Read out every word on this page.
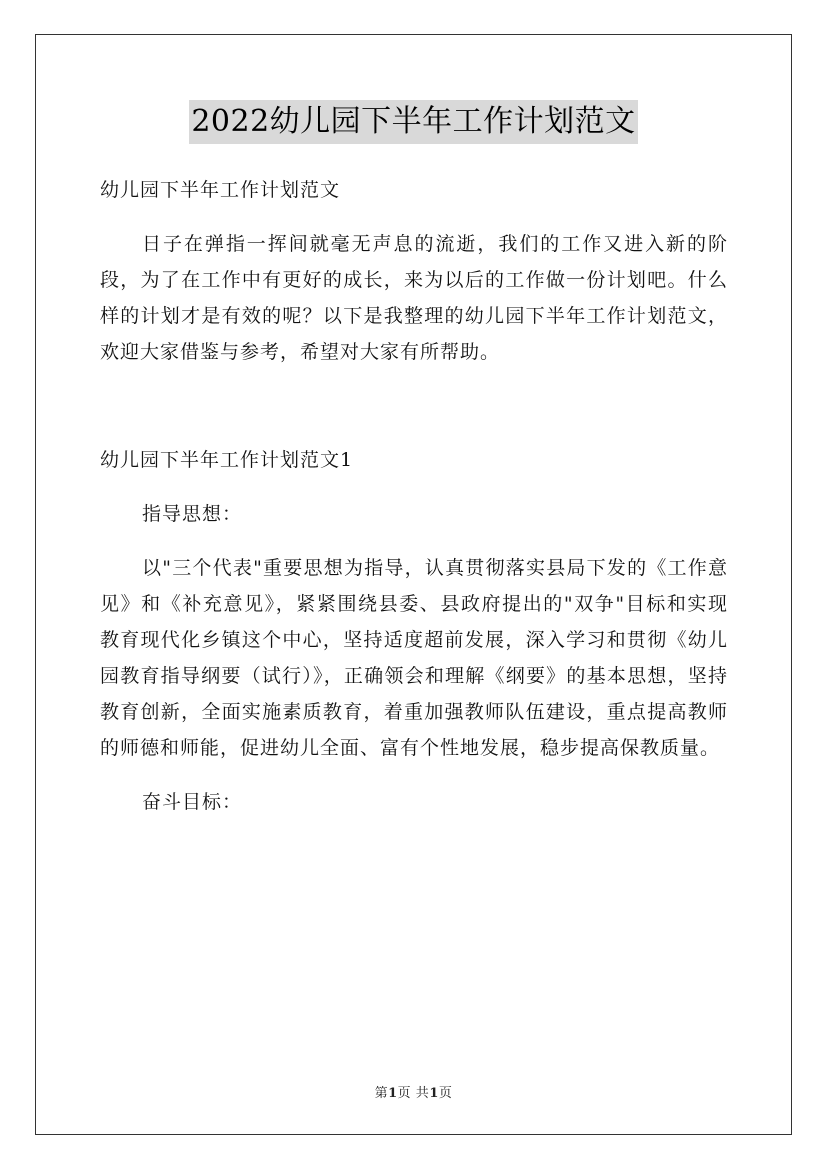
2022幼儿园下半年工作计划范文

幼儿园下半年工作计划范文

日子在弹指一挥间就毫无声息的流逝，我们的工作又进入新的阶段，为了在工作中有更好的成长，来为以后的工作做一份计划吧。什么样的计划才是有效的呢？以下是我整理的幼儿园下半年工作计划范文，欢迎大家借鉴与参考，希望对大家有所帮助。

幼儿园下半年工作计划范文1

指导思想：

以"三个代表"重要思想为指导，认真贯彻落实县局下发的《工作意见》和《补充意见》，紧紧围绕县委、县政府提出的"双争"目标和实现教育现代化乡镇这个中心，坚持适度超前发展，深入学习和贯彻《幼儿园教育指导纲要（试行）》，正确领会和理解《纲要》的基本思想，坚持教育创新，全面实施素质教育，着重加强教师队伍建设，重点提高教师的师德和师能，促进幼儿全面、富有个性地发展，稳步提高保教质量。

奋斗目标：

第1页 共1页
